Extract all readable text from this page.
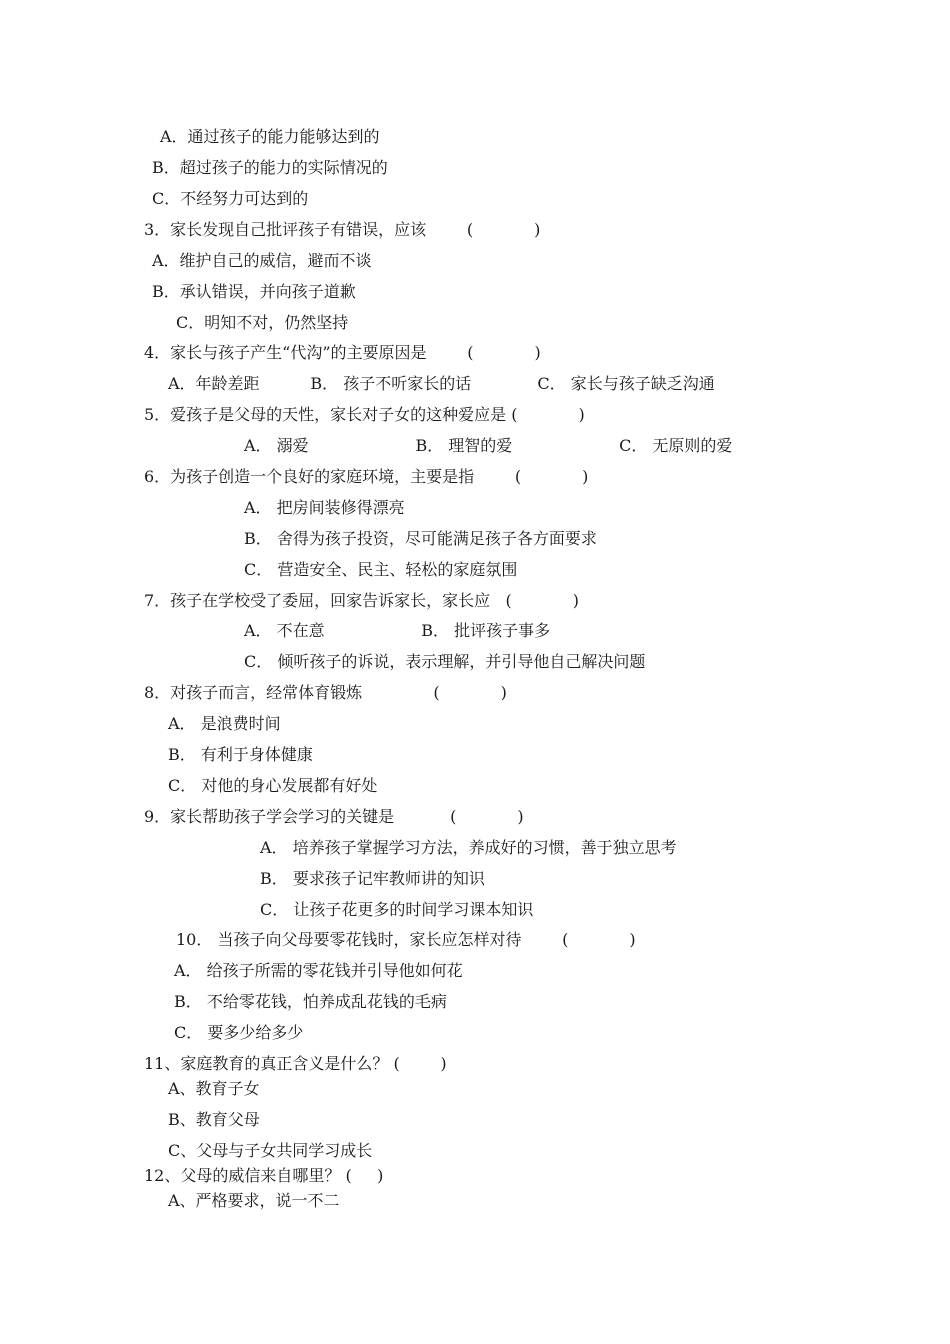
A．通过孩子的能力能够达到的
B．超过孩子的能力的实际情况的
C．不经努力可达到的
3．家长发现自己批评孩子有错误，应该        (            )
A．维护自己的威信，避而不谈
B．承认错误，并向孩子道歉
C．明知不对，仍然坚持
4．家长与孩子产生“代沟”的主要原因是        (            )
A．年龄差距          B． 孩子不听家长的话             C． 家长与孩子缺乏沟通
5．爱孩子是父母的天性，家长对子女的这种爱应是 (            )
A． 溺爱                     B． 理智的爱                     C． 无原则的爱
6．为孩子创造一个良好的家庭环境，主要是指        (            )
A． 把房间装修得漂亮
B． 舍得为孩子投资，尽可能满足孩子各方面要求
C． 营造安全、民主、轻松的家庭氛围
7．孩子在学校受了委屈，回家告诉家长，家长应   (            )
A． 不在意                   B． 批评孩子事多
C． 倾听孩子的诉说，表示理解，并引导他自己解决问题
8．对孩子而言，经常体育锻炼              (            )
A． 是浪费时间
B． 有利于身体健康
C． 对他的身心发展都有好处
9．家长帮助孩子学会学习的关键是           (            )
A． 培养孩子掌握学习方法，养成好的习惯，善于独立思考
B． 要求孩子记牢教师讲的知识
C． 让孩子花更多的时间学习课本知识
10． 当孩子向父母要零花钱时，家长应怎样对待        (            )
A． 给孩子所需的零花钱并引导他如何花
B． 不给零花钱，怕养成乱花钱的毛病
C． 要多少给多少
11、家庭教育的真正含义是什么？ (        )
A、教育子女
B、教育父母
C、父母与子女共同学习成长
12、父母的威信来自哪里？ (     )
A、严格要求，说一不二
